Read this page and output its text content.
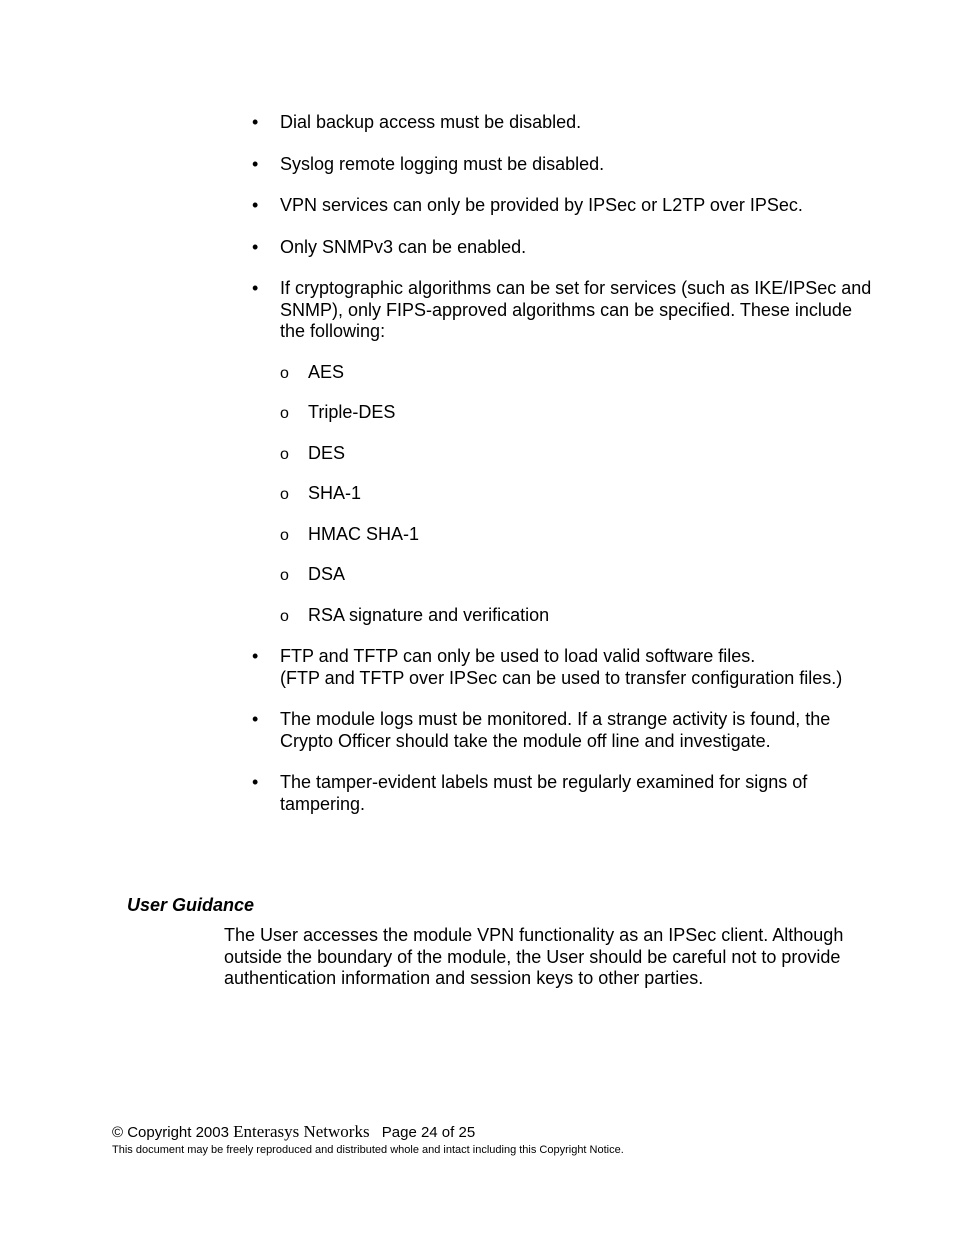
•	Dial backup access must be disabled.
•	Syslog remote logging must be disabled.
•	VPN services can only be provided by IPSec or L2TP over IPSec.
•	Only SNMPv3 can be enabled.
•	If cryptographic algorithms can be set for services (such as IKE/IPSec and SNMP), only FIPS-approved algorithms can be specified. These include the following:
o AES
o Triple-DES
o DES
o SHA-1
o HMAC SHA-1
o DSA
o RSA signature and verification
•	FTP and TFTP can only be used to load valid software files.
(FTP and TFTP over IPSec can be used to transfer configuration files.)
•	The module logs must be monitored. If a strange activity is found, the Crypto Officer should take the module off line and investigate.
•	The tamper-evident labels must be regularly examined for signs of tampering.
User Guidance

The User accesses the module VPN functionality as an IPSec client. Although outside the boundary of the module, the User should be careful not to provide authentication information and session keys to other parties.

© Copyright 2003 Enterasys Networks Page 24 of 25
This document may be freely reproduced and distributed whole and intact including this Copyright Notice.
